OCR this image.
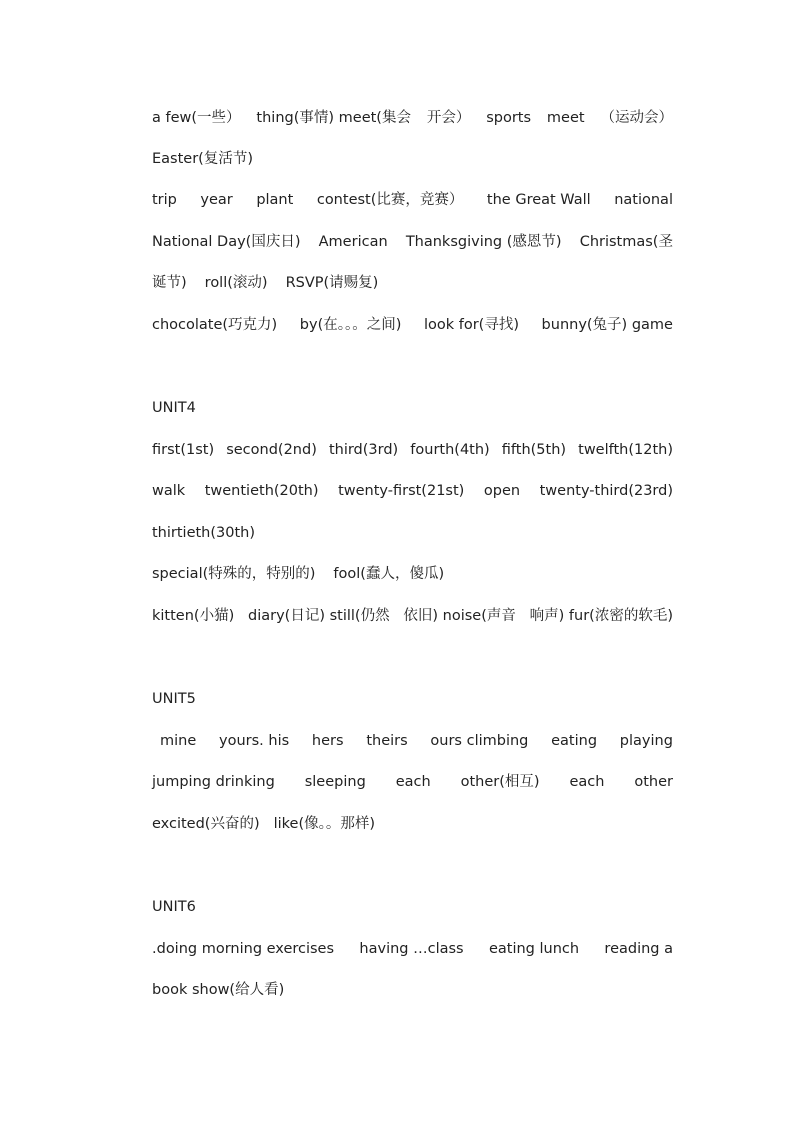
a few(一些） thing(事情) meet(集会 开会） sports meet （运动会）
Easter(复活节)
trip year plant contest(比赛，竞赛） the Great Wall national
National Day(国庆日) American Thanksgiving (感恩节) Christmas(圣
诞节) roll(滚动) RSVP(请赐复)
chocolate(巧克力) by(在。。。之间) look for(寻找) bunny(兔子) game
UNIT4
first(1st) second(2nd) third(3rd) fourth(4th) fifth(5th) twelfth(12th)
walk twentieth(20th) twenty-first(21st) open twenty-third(23rd)
thirtieth(30th)
special(特殊的，特别的) fool(蠢人，傻瓜)
kitten(小猫) diary(日记) still(仍然 依旧) noise(声音 响声) fur(浓密的软毛)
UNIT5
mine yours. his hers theirs ours climbing eating playing
jumping drinking sleeping each other(相互) each other
excited(兴奋的) like(像。。那样)
UNIT6
.doing morning exercises having …class eating lunch reading a
book show(给人看)
